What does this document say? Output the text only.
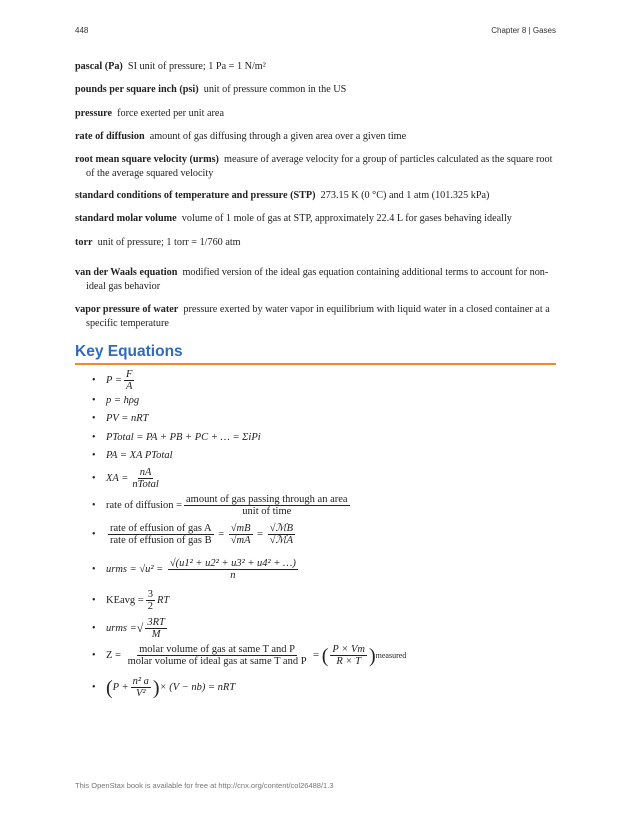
448	Chapter 8 | Gases

pascal (Pa) SI unit of pressure; 1 Pa = 1 N/m²

pounds per square inch (psi) unit of pressure common in the US

pressure force exerted per unit area

rate of diffusion amount of gas diffusing through a given area over a given time

root mean square velocity (urms) measure of average velocity for a group of particles calculated as the square root of the average squared velocity

standard conditions of temperature and pressure (STP) 273.15 K (0 °C) and 1 atm (101.325 kPa)

standard molar volume volume of 1 mole of gas at STP, approximately 22.4 L for gases behaving ideally

torr unit of pressure; 1 torr = 1/760 atm

van der Waals equation modified version of the ideal gas equation containing additional terms to account for non-ideal gas behavior

vapor pressure of water pressure exerted by water vapor in equilibrium with liquid water in a closed container at a specific temperature

Key Equations
• $P = \frac{F}{A}$
• p = hρg
• PV = nRT
• PTotal = PA + PB + PC + … = ΣiPi
• PA = XA PTotal
• XA = $\frac{nA}{\text{nTotal}}$
• rate of diffusion = $\frac{\text{amount of gas passing through an area}}{\text{unit of time}}$
•	$\frac{\text{rate of effusion of gas A}}{\text{rate of effusion of gas B}} = \frac{√mB}{√mA} = \frac{\text{√ℳB}}{\text{√ℳA}}$
• urms =
√u² =
$\frac{\text{√(u1² + u2² + u3² + u4² + …)}}{n}$
• KEavg = $\frac{3}{2}$ RT
• urms = √ $\frac{3RT}{M}$
• Z =
$\frac{\text{molar volume of gas at same T and P}}{\text{molar volume of ideal gas at same T and P}}$ = ( $\frac{P \times Vm}{R \times T}$ ) measured
• ( $P + \frac{\text{n² a}}{\text{V²}}$ ) × (V − nb) = nRT
This OpenStax book is available for free at http://cnx.org/content/col26488/1.3
